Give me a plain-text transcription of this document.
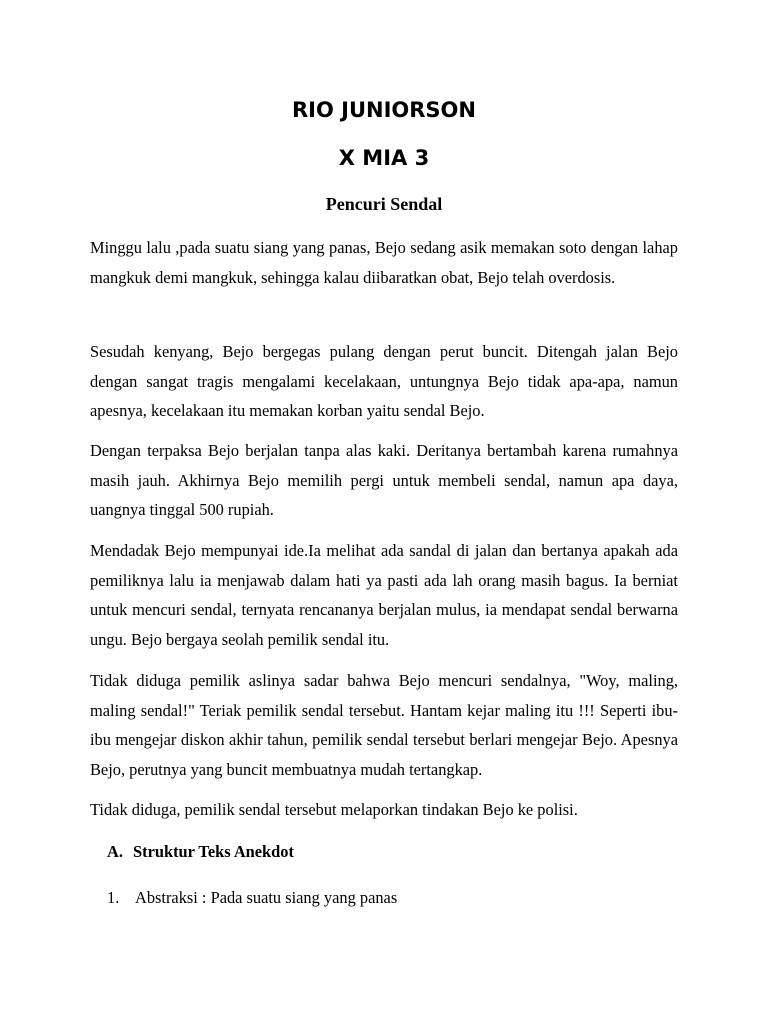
RIO JUNIORSON
X MIA 3
Pencuri Sendal

Minggu lalu ,pada suatu siang yang panas, Bejo sedang asik memakan soto dengan lahap mangkuk demi mangkuk, sehingga kalau diibaratkan obat, Bejo telah overdosis.

Sesudah kenyang, Bejo bergegas pulang dengan perut buncit. Ditengah jalan Bejo dengan sangat tragis mengalami kecelakaan, untungnya Bejo tidak apa-apa, namun apesnya, kecelakaan itu memakan korban yaitu sendal Bejo.

Dengan terpaksa Bejo berjalan tanpa alas kaki. Deritanya bertambah karena rumahnya masih jauh. Akhirnya Bejo memilih pergi untuk membeli sendal, namun apa daya, uangnya tinggal 500 rupiah.

Mendadak Bejo mempunyai ide.Ia melihat ada sandal di jalan dan bertanya apakah ada pemiliknya lalu ia menjawab dalam hati ya pasti ada lah orang masih bagus. Ia berniat untuk mencuri sendal, ternyata rencananya berjalan mulus, ia mendapat sendal berwarna ungu. Bejo bergaya seolah pemilik sendal itu.

Tidak diduga pemilik aslinya sadar bahwa Bejo mencuri sendalnya, "Woy, maling, maling sendal!" Teriak pemilik sendal tersebut. Hantam kejar maling itu !!! Seperti ibu-ibu mengejar diskon akhir tahun, pemilik sendal tersebut berlari mengejar Bejo. Apesnya Bejo, perutnya yang buncit membuatnya mudah tertangkap.

Tidak diduga, pemilik sendal tersebut melaporkan tindakan Bejo ke polisi.

A. Struktur Teks Anekdot
1. Abstraksi : Pada suatu siang yang panas
